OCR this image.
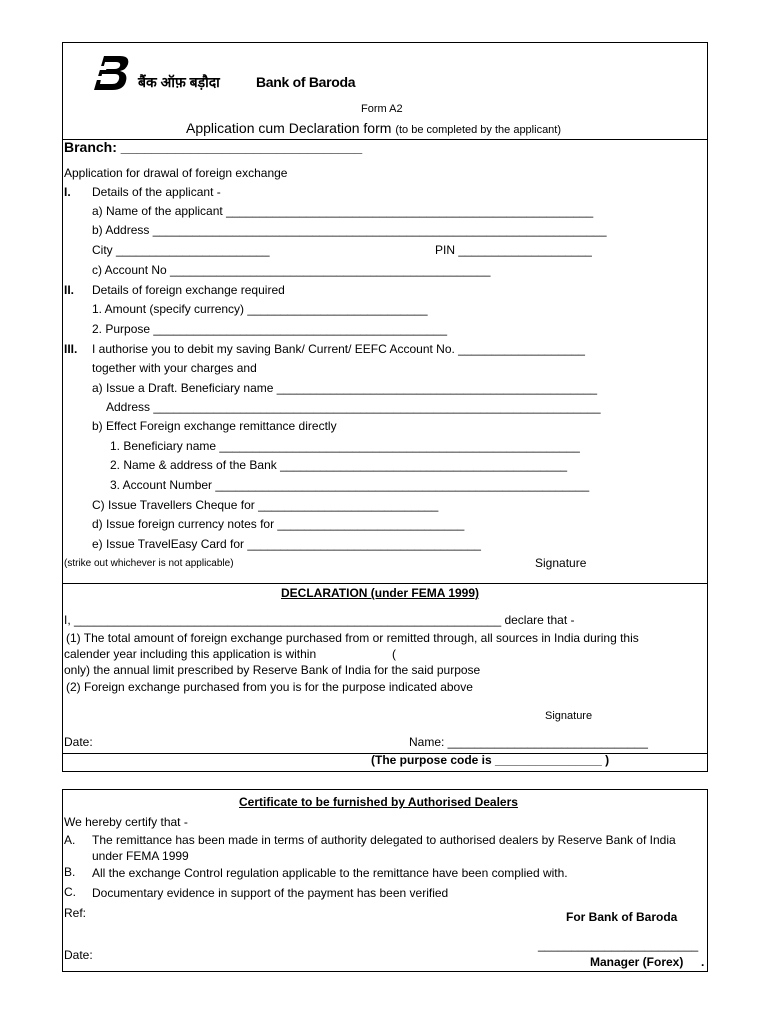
बैंक ऑफ़ बड़ौदा	Bank of Baroda
Form A2
Application cum Declaration form (to be completed by the applicant)
Branch: _______________________________
Application for drawal of foreign exchange
I. Details of the applicant -
a) Name of the applicant _______________________________________________________
b) Address ____________________________________________________________________
City _______________________	PIN ____________________
c) Account No ________________________________________________
II. Details of foreign exchange required
1. Amount (specify currency) ___________________________
2. Purpose ____________________________________________
III. I authorise you to debit my saving Bank/ Current/ EEFC Account No. ___________________
together with your charges and
a) Issue a Draft. Beneficiary name ________________________________________________
Address ___________________________________________________________________
b) Effect Foreign exchange remittance directly
1. Beneficiary name ______________________________________________________
2. Name & address of the Bank ___________________________________________
3. Account Number ________________________________________________________
C) Issue Travellers Cheque for ___________________________
d) Issue foreign currency notes for ____________________________
e) Issue TravelEasy Card for ___________________________________
(strike out whichever is not applicable)	Signature
DECLARATION (under FEMA 1999)
I, ________________________________________________________________ declare that -
(1) The total amount of foreign exchange purchased from or remitted through, all sources in India during this
calender year including this application is within	(
only) the annual limit prescribed by Reserve Bank of India for the said purpose
(2) Foreign exchange purchased from you is for the purpose indicated above
Signature
Date:	Name: ______________________________
(The purpose code is ________________ )
Certificate to be furnished by Authorised Dealers
We hereby certify that -
A. The remittance has been made in terms of authority delegated to authorised dealers by Reserve Bank of India
under FEMA 1999
B. All the exchange Control regulation applicable to the remittance have been complied with.
C. Documentary evidence in support of the payment has been verified
Ref:	For Bank of Baroda
Date:
________________________
Manager (Forex) .
